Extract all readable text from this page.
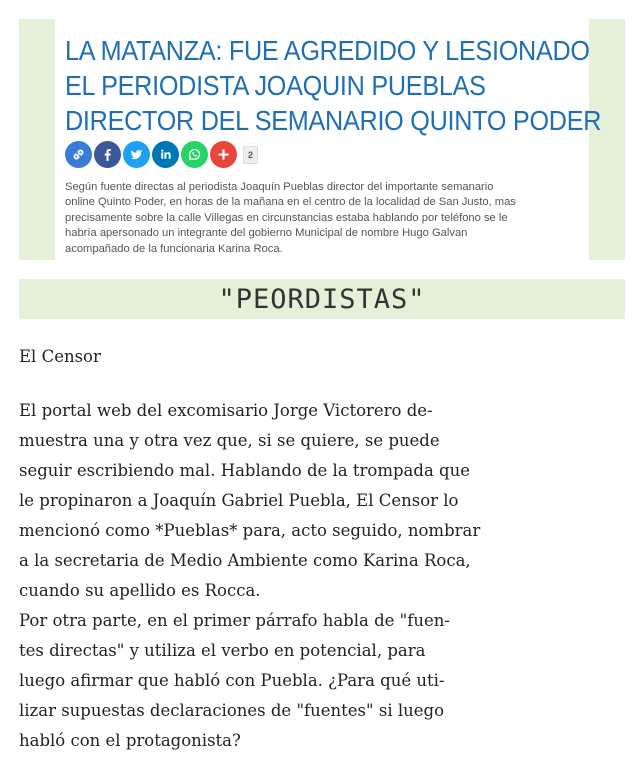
LA MATANZA: FUE AGREDIDO Y LESIONADO
EL PERIODISTA JOAQUIN PUEBLAS
DIRECTOR DEL SEMANARIO QUINTO PODER
2
Según fuente directas al periodista Joaquín Pueblas director del importante semanario
online Quinto Poder, en horas de la mañana en el centro de la localidad de San Justo, mas
precisamente sobre la calle Villegas en circunstancias estaba hablando por teléfono se le
habría apersonado un integrante del gobierno Municipal de nombre Hugo Galvan
acompañado de la funcionaria Karina Roca.
"PEORDISTAS"

El Censor

El portal web del excomisario Jorge Victorero de-
muestra una y otra vez que, si se quiere, se puede
seguir escribiendo mal. Hablando de la trompada que
le propinaron a Joaquín Gabriel Puebla, El Censor lo
mencionó como *Pueblas* para, acto seguido, nombrar
a la secretaria de Medio Ambiente como Karina Roca,
cuando su apellido es Rocca.
Por otra parte, en el primer párrafo habla de "fuen-
tes directas" y utiliza el verbo en potencial, para
luego afirmar que habló con Puebla. ¿Para qué uti-
lizar supuestas declaraciones de "fuentes" si luego
habló con el protagonista?
